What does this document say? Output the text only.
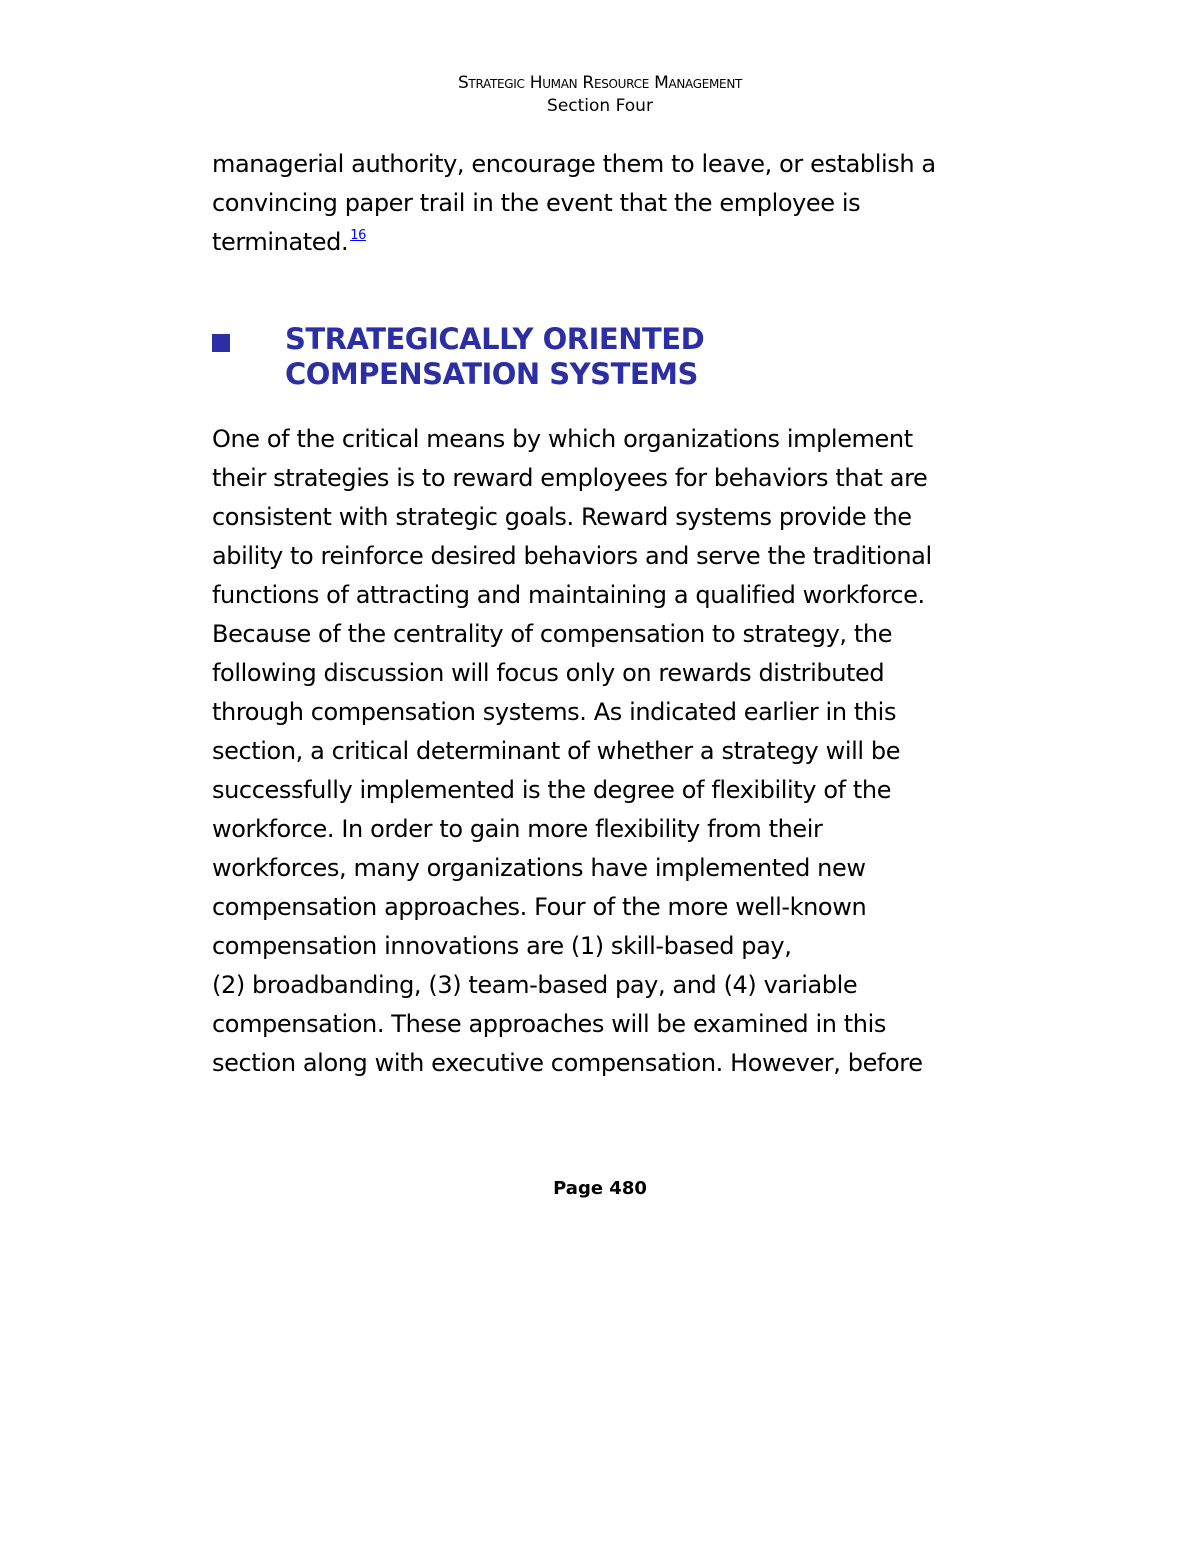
Strategic Human Resource Management
Section Four
managerial authority, encourage them to leave, or establish a
convincing paper trail in the event that the employee is
terminated. $^{16}$
STRATEGICALLY ORIENTED
COMPENSATION SYSTEMS
One of the critical means by which organizations implement
their strategies is to reward employees for behaviors that are
consistent with strategic goals. Reward systems provide the
ability to reinforce desired behaviors and serve the traditional
functions of attracting and maintaining a qualified workforce.
Because of the centrality of compensation to strategy, the
following discussion will focus only on rewards distributed
through compensation systems. As indicated earlier in this
section, a critical determinant of whether a strategy will be
successfully implemented is the degree of flexibility of the
workforce. In order to gain more flexibility from their
workforces, many organizations have implemented new
compensation approaches. Four of the more well-known
compensation innovations are (1) skill-based pay,
(2) broadbanding, (3) team-based pay, and (4) variable
compensation. These approaches will be examined in this
section along with executive compensation. However, before
Page 480
